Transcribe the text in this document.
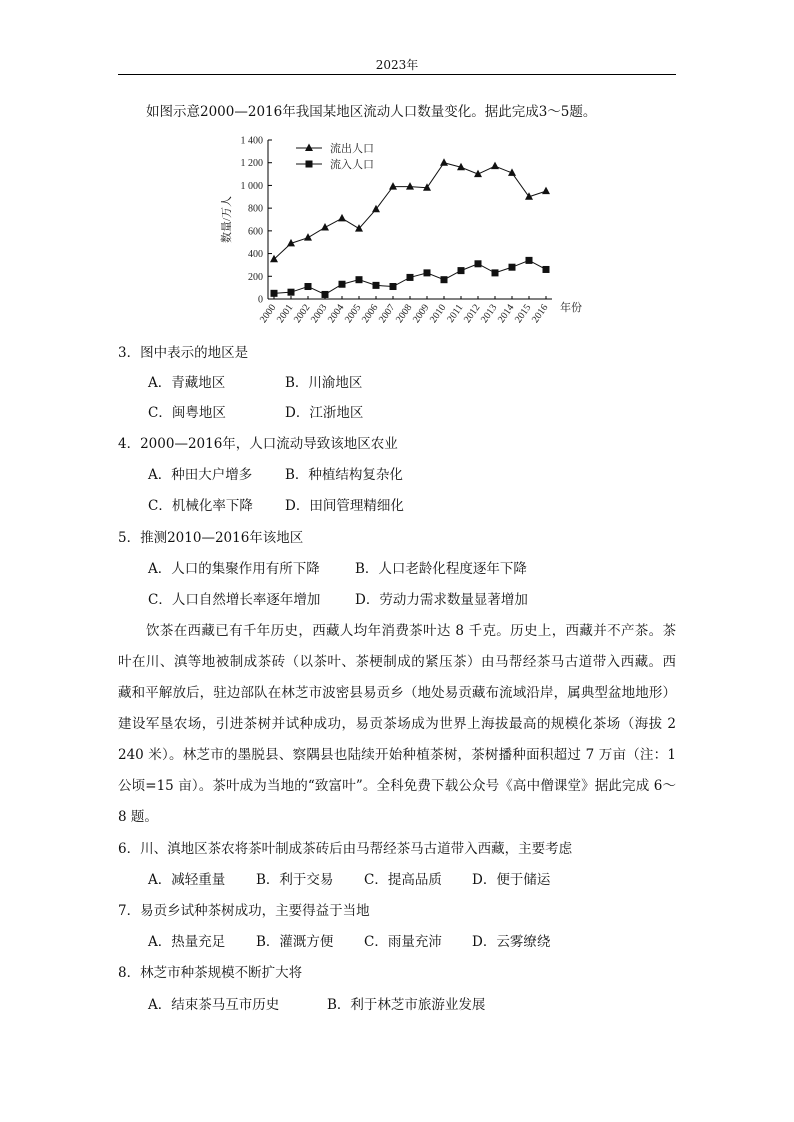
2023年
如图示意2000—2016年我国某地区流动人口数量变化。据此完成3～5题。
0
200
400
600
800
1 000
1 200
1 400
2000
2001
2002
2003
2004
2005
2006
2007
2008
2009
2010
2011
2012
2013
2014
2015
2016
数量/万人
年份
流出人口
流入人口
3．图中表示的地区是
A．青藏地区	B．川渝地区
C．闽粤地区	D．江浙地区
4．2000—2016年，人口流动导致该地区农业
A．种田大户增多 B．种植结构复杂化
C．机械化率下降 D．田间管理精细化
5．推测2010—2016年该地区
A．人口的集聚作用有所下降	B．人口老龄化程度逐年下降
C．人口自然增长率逐年增加	D．劳动力需求数量显著增加
饮茶在西藏已有千年历史，西藏人均年消费茶叶达 8 千克。历史上，西藏并不产茶。茶
叶在川、滇等地被制成茶砖（以茶叶、茶梗制成的紧压茶）由马帮经茶马古道带入西藏。西
藏和平解放后，驻边部队在林芝市波密县易贡乡（地处易贡藏布流域沿岸，属典型盆地地形）
建设军垦农场，引进茶树并试种成功，易贡茶场成为世界上海拔最高的规模化茶场（海拔 2
240 米）。林芝市的墨脱县、察隅县也陆续开始种植茶树，茶树播种面积超过 7 万亩（注：1
公顷=15 亩）。茶叶成为当地的“致富叶”。全科免费下载公众号《高中僧课堂》据此完成 6～
8 题。
6．川、滇地区茶农将茶叶制成茶砖后由马帮经茶马古道带入西藏，主要考虑
A．减轻重量 B．利于交易 C．提高品质 D．便于储运
7．易贡乡试种茶树成功，主要得益于当地
A．热量充足 B．灌溉方便 C．雨量充沛 D．云雾缭绕
8．林芝市种茶规模不断扩大将
A．结束茶马互市历史	B．利于林芝市旅游业发展
